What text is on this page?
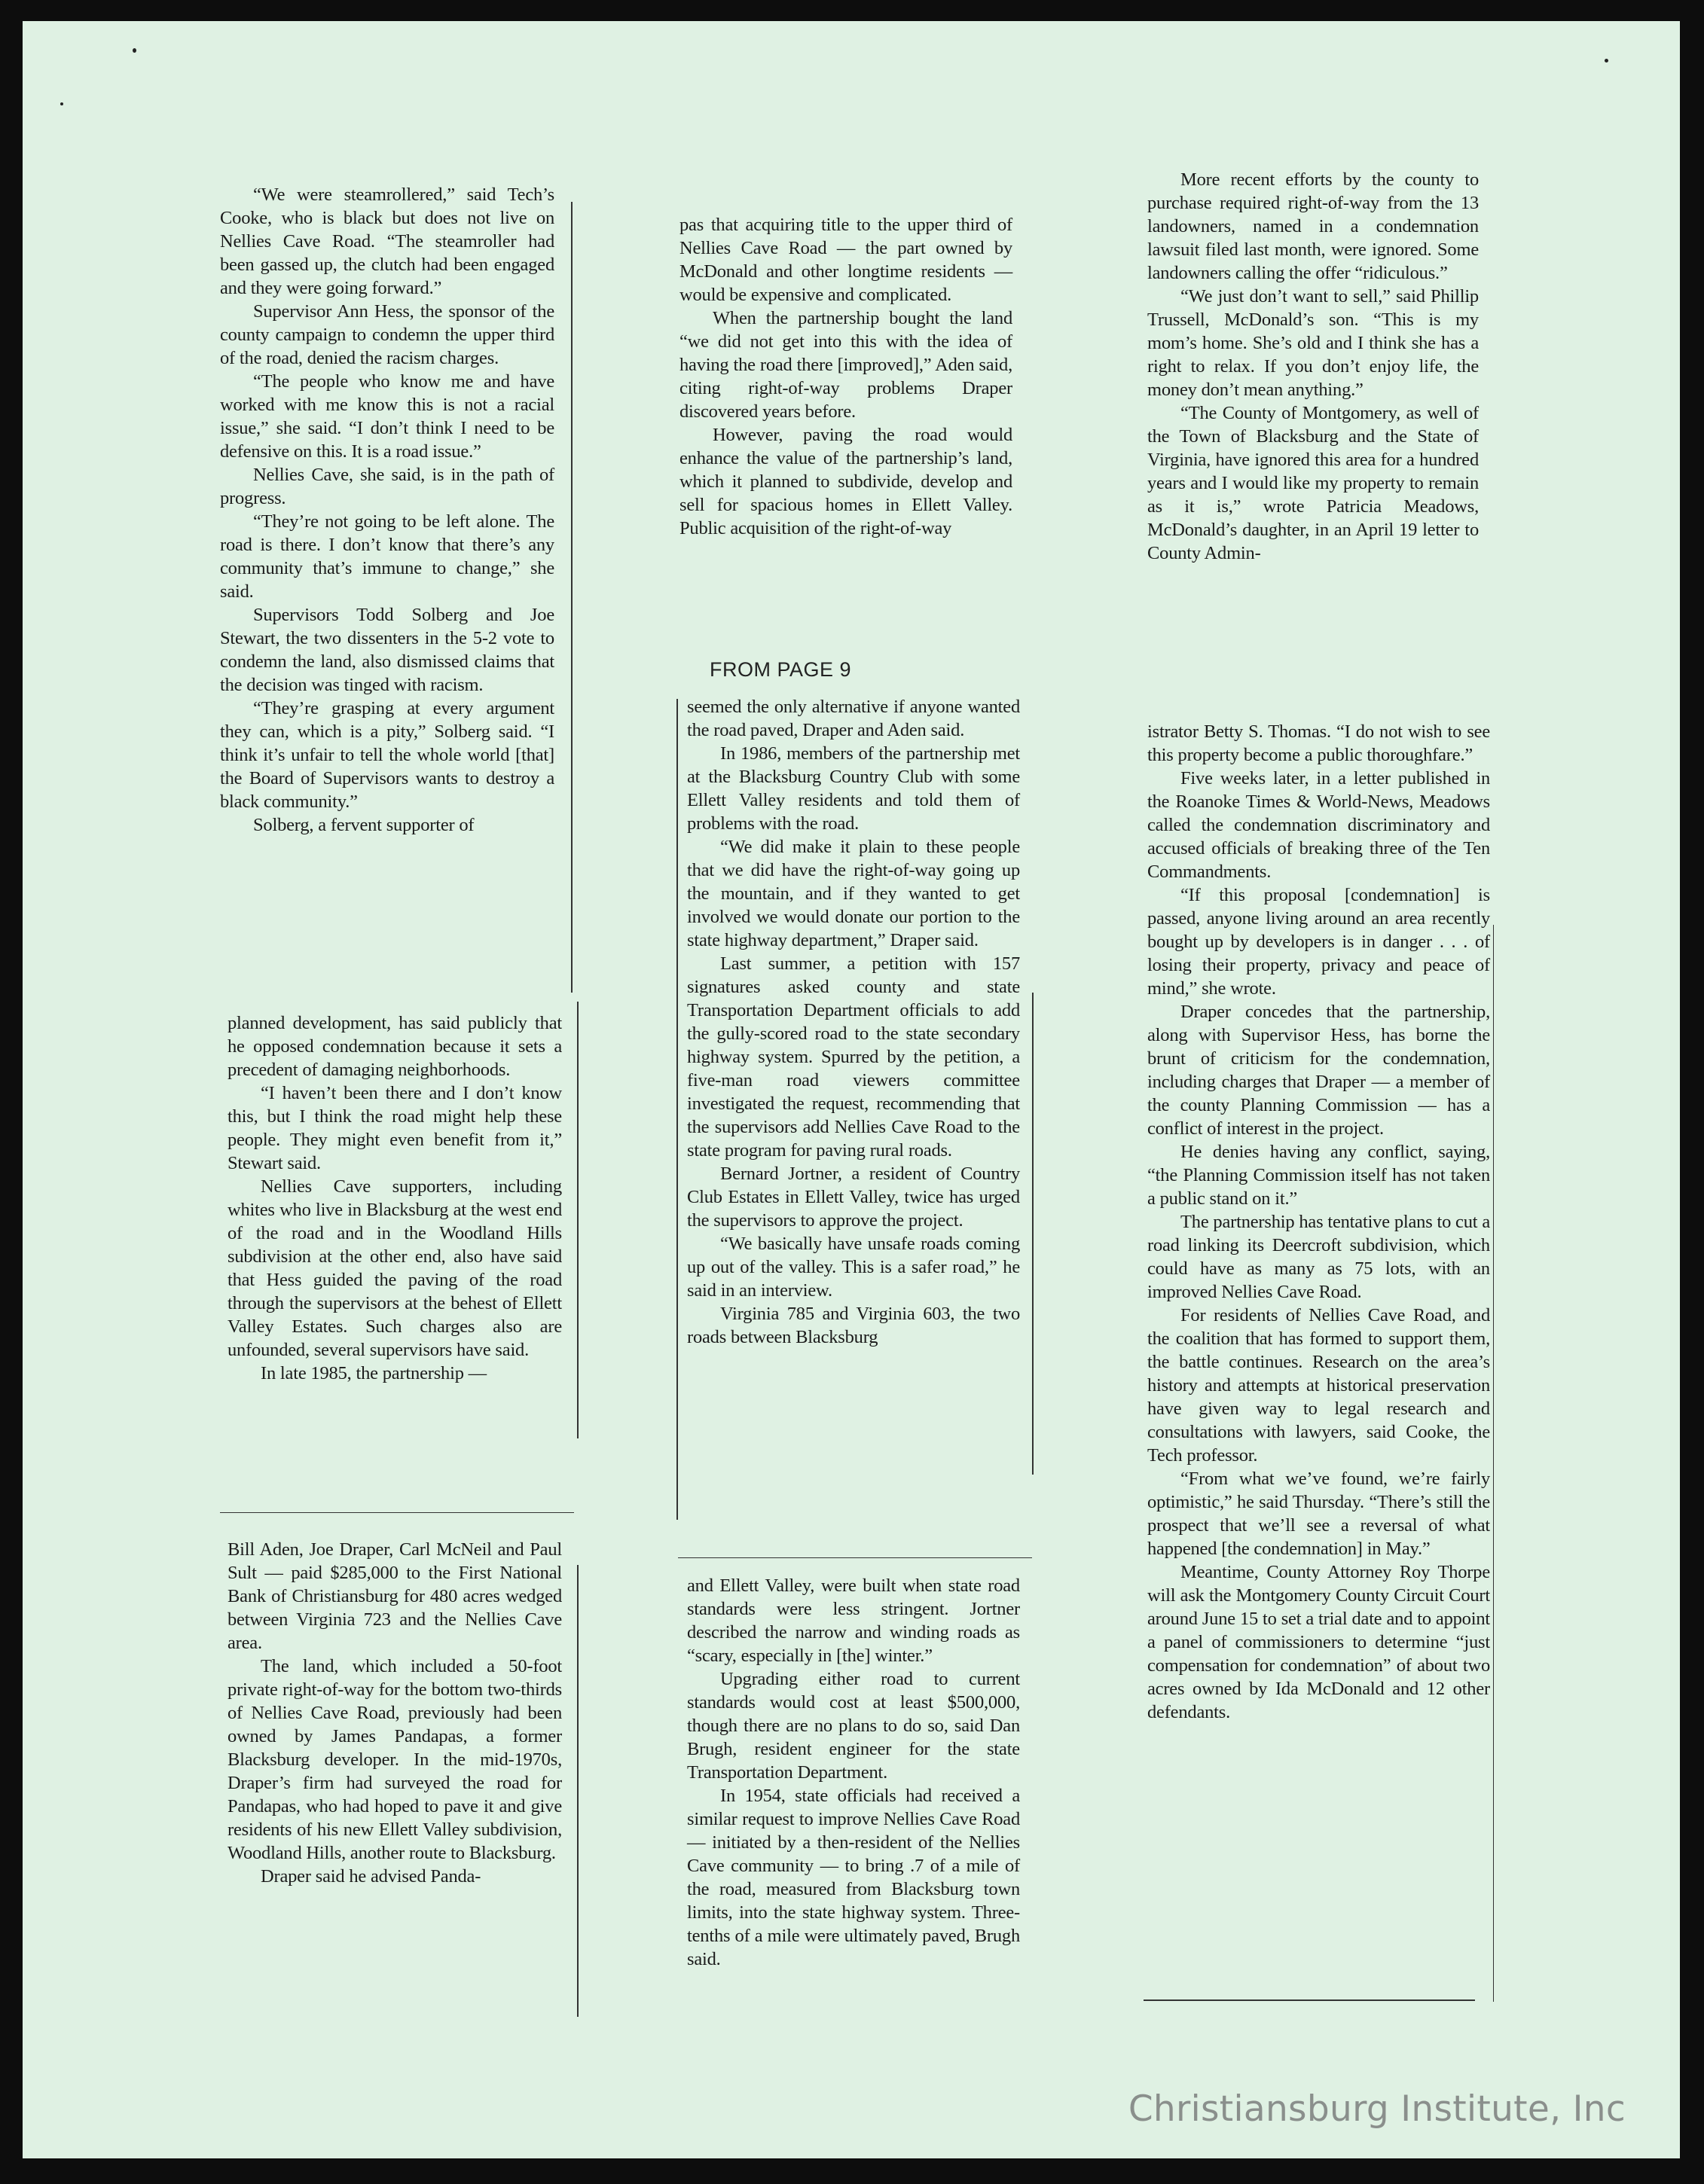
“We were steamrollered,” said Tech’s Cooke, who is black but does not live on Nellies Cave Road. “The steamroller had been gassed up, the clutch had been engaged and they were going forward.”

Supervisor Ann Hess, the sponsor of the county campaign to condemn the upper third of the road, denied the racism charges.

“The people who know me and have worked with me know this is not a racial issue,” she said. “I don’t think I need to be defensive on this. It is a road issue.”

Nellies Cave, she said, is in the path of progress.

“They’re not going to be left alone. The road is there. I don’t know that there’s any community that’s immune to change,” she said.

Supervisors Todd Solberg and Joe Stewart, the two dissenters in the 5-2 vote to condemn the land, also dismissed claims that the decision was tinged with racism.

“They’re grasping at every argument they can, which is a pity,” Solberg said. “I think it’s unfair to tell the whole world [that] the Board of Supervisors wants to destroy a black community.”

Solberg, a fervent supporter of

planned development, has said publicly that he opposed condemnation because it sets a precedent of damaging neighborhoods.

“I haven’t been there and I don’t know this, but I think the road might help these people. They might even benefit from it,” Stewart said.

Nellies Cave supporters, including whites who live in Blacksburg at the west end of the road and in the Woodland Hills subdivision at the other end, also have said that Hess guided the paving of the road through the supervisors at the behest of Ellett Valley Estates. Such charges also are unfounded, several supervisors have said.

In late 1985, the partnership —

Bill Aden, Joe Draper, Carl McNeil and Paul Sult — paid $285,000 to the First National Bank of Christiansburg for 480 acres wedged between Virginia 723 and the Nellies Cave area.

The land, which included a 50-foot private right-of-way for the bottom two-thirds of Nellies Cave Road, previously had been owned by James Pandapas, a former Blacksburg developer. In the mid-1970s, Draper’s firm had surveyed the road for Pandapas, who had hoped to pave it and give residents of his new Ellett Valley subdivision, Woodland Hills, another route to Blacksburg.

Draper said he advised Panda-

pas that acquiring title to the upper third of Nellies Cave Road — the part owned by McDonald and other longtime residents — would be expensive and complicated.

When the partnership bought the land “we did not get into this with the idea of having the road there [improved],” Aden said, citing right-of-way problems Draper discovered years before.

However, paving the road would enhance the value of the partnership’s land, which it planned to subdivide, develop and sell for spacious homes in Ellett Valley. Public acquisition of the right-of-way

FROM PAGE 9

seemed the only alternative if anyone wanted the road paved, Draper and Aden said.

In 1986, members of the partnership met at the Blacksburg Country Club with some Ellett Valley residents and told them of problems with the road.

“We did make it plain to these people that we did have the right-of-way going up the mountain, and if they wanted to get involved we would donate our portion to the state highway department,” Draper said.

Last summer, a petition with 157 signatures asked county and state Transportation Department officials to add the gully-scored road to the state secondary highway system. Spurred by the petition, a five-man road viewers committee investigated the request, recommending that the supervisors add Nellies Cave Road to the state program for paving rural roads.

Bernard Jortner, a resident of Country Club Estates in Ellett Valley, twice has urged the supervisors to approve the project.

“We basically have unsafe roads coming up out of the valley. This is a safer road,” he said in an interview.

Virginia 785 and Virginia 603, the two roads between Blacksburg

and Ellett Valley, were built when state road standards were less stringent. Jortner described the narrow and winding roads as “scary, especially in [the] winter.”

Upgrading either road to current standards would cost at least $500,000, though there are no plans to do so, said Dan Brugh, resident engineer for the state Transportation Department.

In 1954, state officials had received a similar request to improve Nellies Cave Road — initiated by a then-resident of the Nellies Cave community — to bring .7 of a mile of the road, measured from Blacksburg town limits, into the state highway system. Three-tenths of a mile were ultimately paved, Brugh said.

More recent efforts by the county to purchase required right-of-way from the 13 landowners, named in a condemnation lawsuit filed last month, were ignored. Some landowners calling the offer “ridiculous.”

“We just don’t want to sell,” said Phillip Trussell, McDonald’s son. “This is my mom’s home. She’s old and I think she has a right to relax. If you don’t enjoy life, the money don’t mean anything.”

“The County of Montgomery, as well of the Town of Blacksburg and the State of Virginia, have ignored this area for a hundred years and I would like my property to remain as it is,” wrote Patricia Meadows, McDonald’s daughter, in an April 19 letter to County Admin-

istrator Betty S. Thomas. “I do not wish to see this property become a public thoroughfare.”

Five weeks later, in a letter published in the Roanoke Times & World-News, Meadows called the condemnation discriminatory and accused officials of breaking three of the Ten Commandments.

“If this proposal [condemnation] is passed, anyone living around an area recently bought up by developers is in danger . . . of losing their property, privacy and peace of mind,” she wrote.

Draper concedes that the partnership, along with Supervisor Hess, has borne the brunt of criticism for the condemnation, including charges that Draper — a member of the county Planning Commission — has a conflict of interest in the project.

He denies having any conflict, saying, “the Planning Commission itself has not taken a public stand on it.”

The partnership has tentative plans to cut a road linking its Deercroft subdivision, which could have as many as 75 lots, with an improved Nellies Cave Road.

For residents of Nellies Cave Road, and the coalition that has formed to support them, the battle continues. Research on the area’s history and attempts at historical preservation have given way to legal research and consultations with lawyers, said Cooke, the Tech professor.

“From what we’ve found, we’re fairly optimistic,” he said Thursday. “There’s still the prospect that we’ll see a reversal of what happened [the condemnation] in May.”

Meantime, County Attorney Roy Thorpe will ask the Montgomery County Circuit Court around June 15 to set a trial date and to appoint a panel of commissioners to determine “just compensation for condemnation” of about two acres owned by Ida McDonald and 12 other defendants.

Christiansburg Institute, Inc
